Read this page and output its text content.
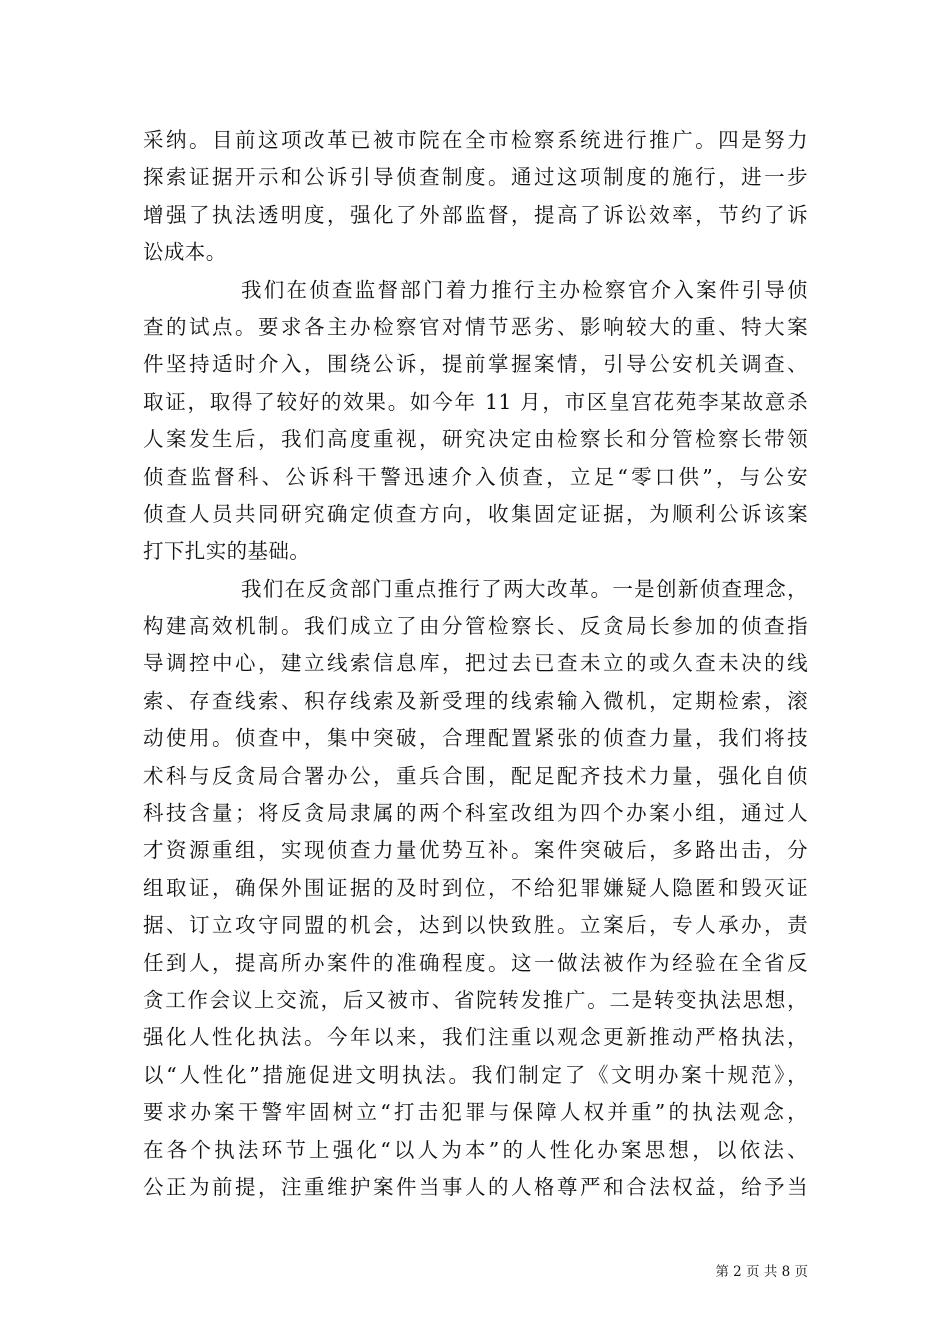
采纳。目前这项改革已被市院在全市检察系统进行推广。四是努力
探索证据开示和公诉引导侦查制度。通过这项制度的施行，进一步
增强了执法透明度，强化了外部监督，提高了诉讼效率，节约了诉
讼成本。
我们在侦查监督部门着力推行主办检察官介入案件引导侦
查的试点。要求各主办检察官对情节恶劣、影响较大的重、特大案
件坚持适时介入，围绕公诉，提前掌握案情，引导公安机关调查、
取证，取得了较好的效果。如今年 11 月，市区皇宫花苑李某故意杀
人案发生后，我们高度重视，研究决定由检察长和分管检察长带领
侦查监督科、公诉科干警迅速介入侦查，立足“零口供”，与公安
侦查人员共同研究确定侦查方向，收集固定证据，为顺利公诉该案
打下扎实的基础。
我们在反贪部门重点推行了两大改革。一是创新侦查理念，
构建高效机制。我们成立了由分管检察长、反贪局长参加的侦查指
导调控中心，建立线索信息库，把过去已查未立的或久查未决的线
索、存查线索、积存线索及新受理的线索输入微机，定期检索，滚
动使用。侦查中，集中突破，合理配置紧张的侦查力量，我们将技
术科与反贪局合署办公，重兵合围，配足配齐技术力量，强化自侦
科技含量；将反贪局隶属的两个科室改组为四个办案小组，通过人
才资源重组，实现侦查力量优势互补。案件突破后，多路出击，分
组取证，确保外围证据的及时到位，不给犯罪嫌疑人隐匿和毁灭证
据、订立攻守同盟的机会，达到以快致胜。立案后，专人承办，责
任到人，提高所办案件的准确程度。这一做法被作为经验在全省反
贪工作会议上交流，后又被市、省院转发推广。二是转变执法思想，
强化人性化执法。今年以来，我们注重以观念更新推动严格执法，
以“人性化”措施促进文明执法。我们制定了《文明办案十规范》，
要求办案干警牢固树立“打击犯罪与保障人权并重”的执法观念，
在各个执法环节上强化“以人为本”的人性化办案思想，以依法、
公正为前提，注重维护案件当事人的人格尊严和合法权益，给予当
第 2 页 共 8 页
